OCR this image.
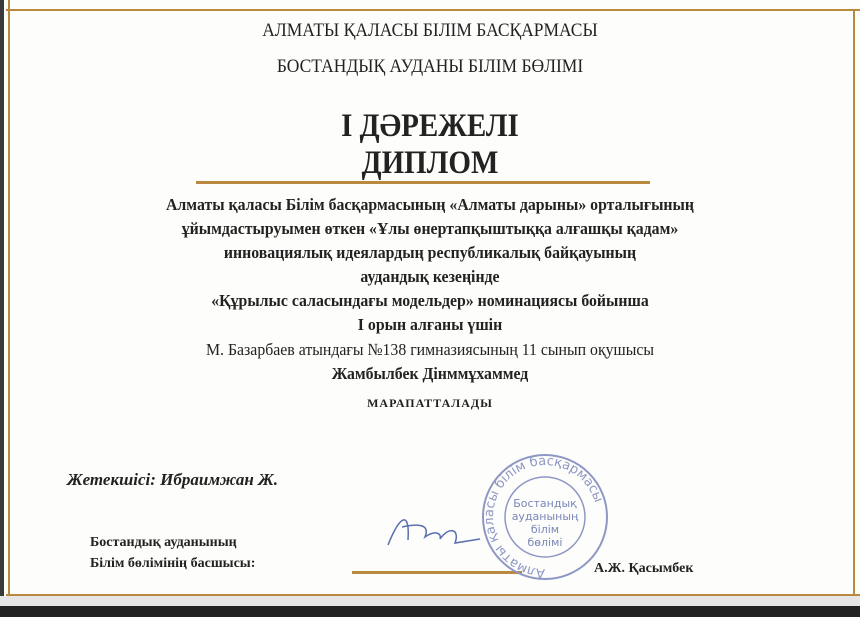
АЛМАТЫ ҚАЛАСЫ БІЛІМ БАСҚАРМАСЫ
БОСТАНДЫҚ АУДАНЫ БІЛІМ БӨЛІМІ
І ДӘРЕЖЕЛІ
ДИПЛОМ
Алматы қаласы Білім басқармасының «Алматы дарыны» орталығының
ұйымдастыруымен өткен «Ұлы өнертапқыштыққа алғашқы қадам»
инновациялық идеялардың республикалық байқауының
аудандық кезеңінде
«Құрылыс саласындағы модельдер» номинациясы бойынша
І орын алғаны үшін
М. Базарбаев атындағы №138 гимназиясының 11 сынып оқушысы
Жамбылбек Дінммұхаммед
МАРАПАТТАЛАДЫ
Жетекшісі: Ибраимжан Ж.
Бостандық ауданының
Білім бөлімінің басшысы:
Алматы қаласы білім басқармасы
Бостандық
ауданының
білім
бөлімі
А.Ж. Қасымбек
